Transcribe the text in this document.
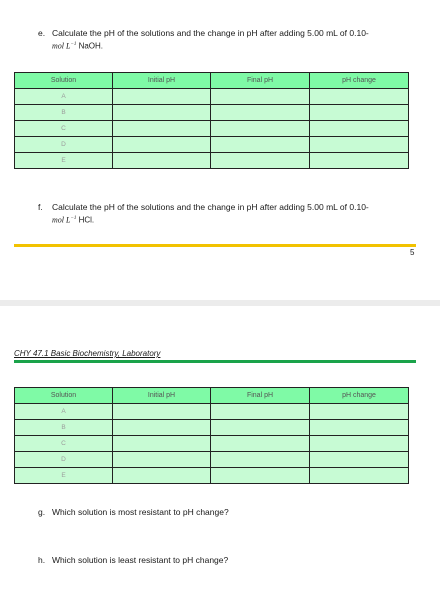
e. Calculate the pH of the solutions and the change in pH after adding 5.00 mL of 0.10-
mol $L^{-1}$ NaOH.
Solution	Initial pH	Final pH	pH change
A			
B			
C			
D			
E			
f. Calculate the pH of the solutions and the change in pH after adding 5.00 mL of 0.10-
mol $L^{-1}$ HCl.
5
CHY 47.1 Basic Biochemistry, Laboratory
Solution	Initial pH	Final pH	pH change
A			
B			
C			
D			
E			
g. Which solution is most resistant to pH change?
h. Which solution is least resistant to pH change?
